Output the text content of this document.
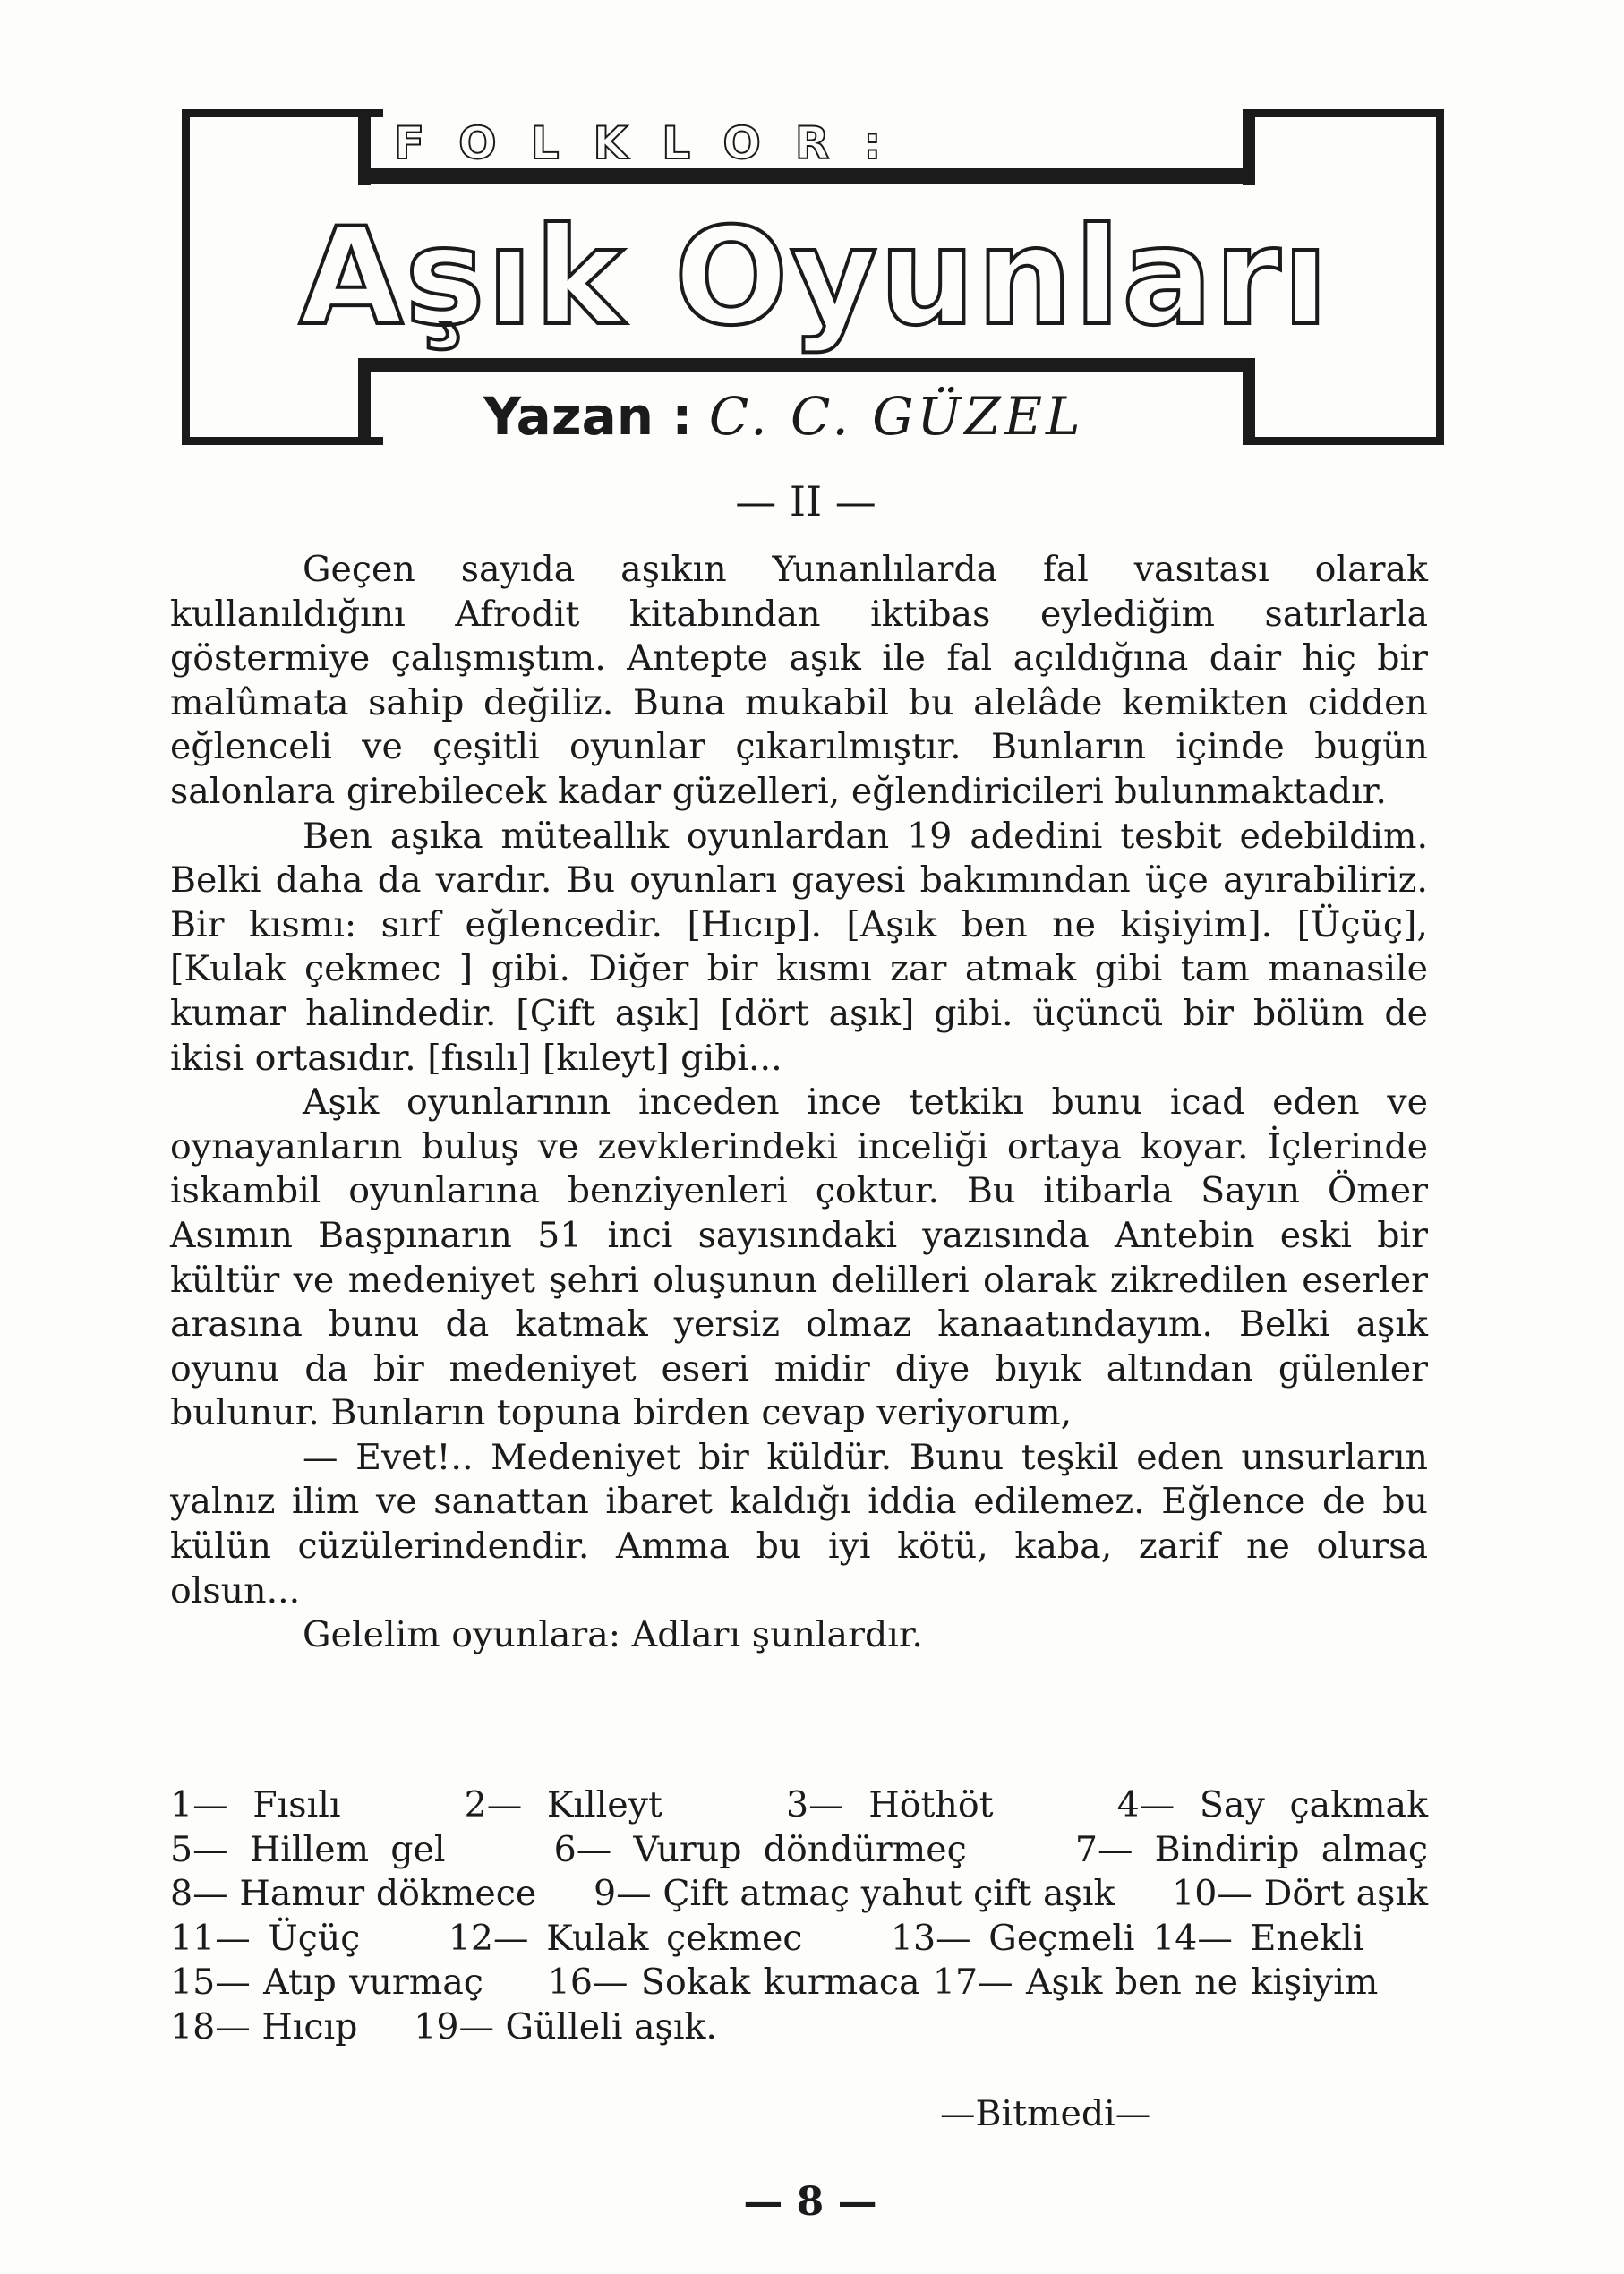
FOLKLOR:
Aşık Oyunları
Yazan : C. C. GÜZEL
— II —

Geçen sayıda aşıkın Yunanlılarda fal vasıtası olarak kullanıldığını Afrodit kitabından iktibas eylediğim satırlarla göstermiye çalışmıştım. Antepte aşık ile fal açıldığına dair hiç bir malûmata sahip değiliz. Buna mukabil bu alelâde kemikten cidden eğlenceli ve çeşitli oyunlar çıkarılmıştır. Bunların içinde bugün salonlara girebilecek kadar güzelleri, eğlendiricileri bulunmaktadır.

Ben aşıka müteallık oyunlardan 19 adedini tesbit edebildim. Belki daha da vardır. Bu oyunları gayesi bakımından üçe ayırabiliriz. Bir kısmı: sırf eğlencedir. [Hıcıp]. [Aşık ben ne kişiyim]. [Üçüç], [Kulak çekmec ] gibi. Diğer bir kısmı zar atmak gibi tam manasile kumar halindedir. [Çift aşık] [dört aşık] gibi. üçüncü bir bölüm de ikisi ortasıdır. [fısılı] [kıleyt] gibi...

Aşık oyunlarının inceden ince tetkikı bunu icad eden ve oynayanların buluş ve zevklerindeki inceliği ortaya koyar. İçlerinde iskambil oyunlarına benziyenleri çoktur. Bu itibarla Sayın Ömer Asımın Başpınarın 51 inci sayısındaki yazısında Antebin eski bir kültür ve medeniyet şehri oluşunun delilleri olarak zikredilen eserler arasına bunu da katmak yersiz olmaz kanaatındayım. Belki aşık oyunu da bir medeniyet eseri midir diye bıyık altından gülenler bulunur. Bunların topuna birden cevap veriyorum,

— Evet!.. Medeniyet bir küldür. Bunu teşkil eden unsurların yalnız ilim ve sanattan ibaret kaldığı iddia edilemez. Eğlence de bu külün cüzülerindendir. Amma bu iyi kötü, kaba, zarif ne olursa olsun...

Gelelim oyunlara: Adları şunlardır.

1— Fısılı	2— Kılleyt	3— Höthöt	4— Say çakmak 5— Hillem gel	6— Vurup döndürmeç	7— Bindirip almaç 8— Hamur dökmece 9— Çift atmaç yahut çift aşık 10— Dört aşık 11— Üçüç 12— Kulak çekmec 13— Geçmeli 14— Enekli     15— Atıp vurmaç 16— Sokak kurmaca 17— Aşık ben ne kişiyim     18— Hıcıp 19— Gülleli aşık.
—Bitmedi—
— 8 —
